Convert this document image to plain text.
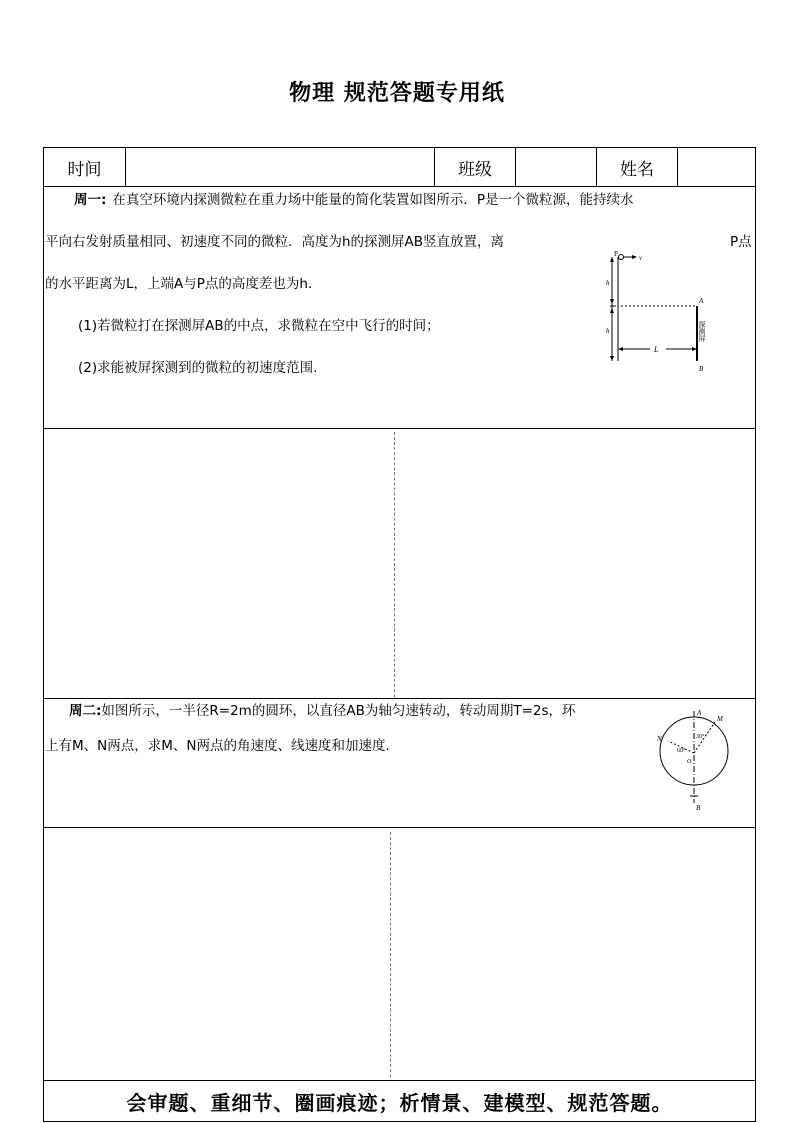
物理 规范答题专用纸
时间	班级	姓名

周一: 在真空环境内探测微粒在重力场中能量的简化装置如图所示．P是一个微粒源，能持续水

平向右发射质量相同、初速度不同的微粒．高度为h的探测屏AB竖直放置，离	P点

的水平距离为L，上端A与P点的高度差也为h.

(1)若微粒打在探测屏AB的中点，求微粒在空中飞行的时间；

(2)求能被屏探测到的微粒的初速度范围.

P	v
h
h
A
B
L
探测屏

周二:如图所示，一半径R=2m的圆环，以直径AB为轴匀速转动，转动周期T=2s，环

上有M、N两点，求M、N两点的角速度、线速度和加速度.

A
B
M
N
O
30°
60°
会审题、重细节、圈画痕迹；析情景、建模型、规范答题。
